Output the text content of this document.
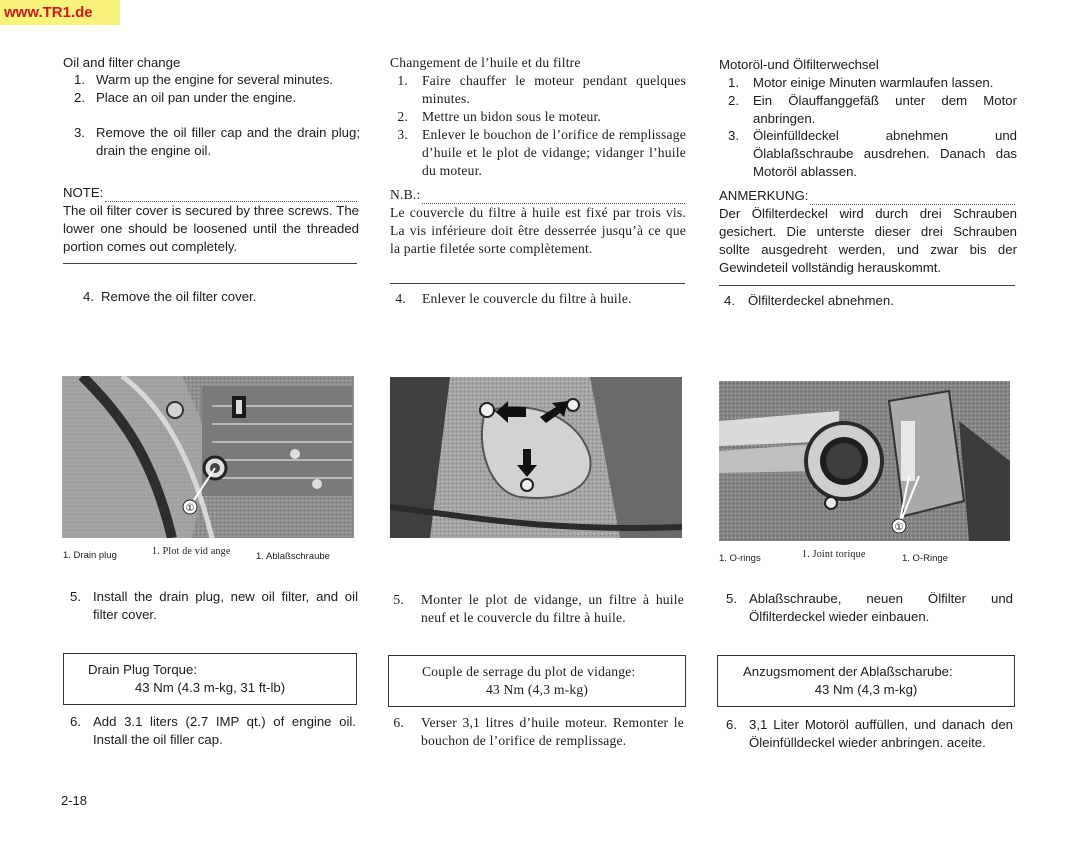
www.TR1.de

Oil and filter change

1. Warm up the engine for several minutes.
2. Place an oil pan under the engine.
3. Remove the oil filler cap and the drain plug; drain the engine oil.
NOTE:

The oil filter cover is secured by three screws. The lower one should be loosened until the threaded portion comes out completely.

4. Remove the oil filter cover.
①
1. Drain plug
5. Install the drain plug, new oil filter, and oil filter cover.
Drain Plug Torque:
43 Nm (4.3 m-kg, 31 ft-lb)
6. Add 3.1 liters (2.7 IMP qt.) of engine oil. Install the oil filler cap.

Changement de l’huile et du filtre

1. Faire chauffer le moteur pendant quelques minutes.
2. Mettre un bidon sous le moteur.
3. Enlever le bouchon de l’orifice de remplissage d’huile et le plot de vidange; vidanger l’huile du moteur.
N.B.:

Le couvercle du filtre à huile est fixé par trois vis. La vis inférieure doit être desserrée jusqu’à ce que la partie filetée sorte complètement.

4. Enlever le couvercle du filtre à huile.
1. Plot de vid ange
5. Monter le plot de vidange, un filtre à huile neuf et le couvercle du filtre à huile.
Couple de serrage du plot de vidange:
43 Nm (4,3 m-kg)
6. Verser 3,1 litres d’huile moteur. Remonter le bouchon de l’orifice de remplissage.

Motoröl-und Ölfilterwechsel

1. Motor einige Minuten warmlaufen lassen.
2. Ein Ölauffanggefäß unter dem Motor anbringen.
3. Öleinfülldeckel abnehmen und Ölablaßschraube ausdrehen. Danach das Motoröl ablassen.
ANMERKUNG:

Der Ölfilterdeckel wird durch drei Schrauben gesichert. Die unterste dieser drei Schrauben sollte ausgedreht werden, und zwar bis der Gewindeteil vollständig herauskommt.

4. Ölfilterdeckel abnehmen.
①
1. Ablaßschraube
5. Ablaßschraube, neuen Ölfilter und Ölfilterdeckel wieder einbauen.
Anzugsmoment der Ablaßscharube:
43 Nm (4,3 m-kg)
6. 3,1 Liter Motoröl auffüllen, und danach den Öleinfülldeckel wieder anbringen. aceite.
1. O-rings	1. Joint torique	1. O-Ringe
2-18
